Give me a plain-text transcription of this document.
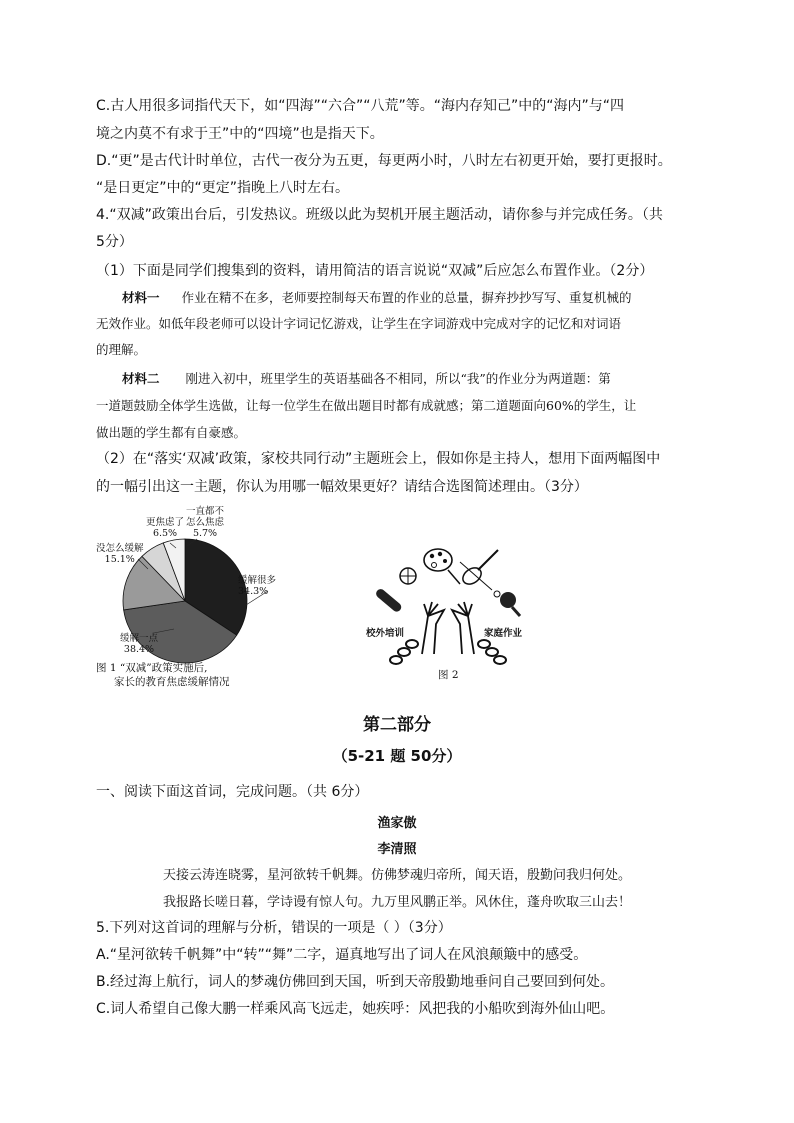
C.古人用很多词指代天下，如“四海”“六合”“八荒”等。“海内存知己”中的“海内”与“四
境之内莫不有求于王”中的“四境”也是指天下。
D.“更”是古代计时单位，古代一夜分为五更，每更两小时，八时左右初更开始，要打更报时。
“是日更定”中的“更定”指晚上八时左右。
4.“双减”政策出台后，引发热议。班级以此为契机开展主题活动，请你参与并完成任务。（共
5分）
（1）下面是同学们搜集到的资料，请用简洁的语言说说“双减”后应怎么布置作业。（2分）
材料一 作业在精不在多，老师要控制每天布置的作业的总量，摒弃抄抄写写、重复机械的
无效作业。如低年段老师可以设计字词记忆游戏，让学生在字词游戏中完成对字的记忆和对词语
的理解。
材料二 刚进入初中，班里学生的英语基础各不相同，所以“我”的作业分为两道题：第
一道题鼓励全体学生选做，让每一位学生在做出题目时都有成就感；第二道题面向60%的学生，让
做出题的学生都有自豪感。
（2）在“落实‘双减’政策，家校共同行动”主题班会上，假如你是主持人，想用下面两幅图中
的一幅引出这一主题，你认为用哪一幅效果更好？请结合选图简述理由。（3分）
缓解很多
34.3%
缓解一点
38.4%
没怎么缓解
15.1%
更焦虑了
6.5%
一直都不
怎么焦虑
5.7%
图 1 “双减”政策实施后,
家长的教育焦虑缓解情况
校外培训	家庭作业
图 2
第二部分
（5-21 题 50分）
一、阅读下面这首词，完成问题。（共 6分）
渔家傲
李清照
天接云涛连晓雾，星河欲转千帆舞。仿佛梦魂归帝所，闻天语，殷勤问我归何处。
我报路长嗟日暮，学诗谩有惊人句。九万里风鹏正举。风休住，蓬舟吹取三山去！
5.下列对这首词的理解与分析，错误的一项是（ ）（3分）
A.“星河欲转千帆舞”中“转”“舞”二字，逼真地写出了词人在风浪颠簸中的感受。
B.经过海上航行，词人的梦魂仿佛回到天国，听到天帝殷勤地垂问自己要回到何处。
C.词人希望自己像大鹏一样乘风高飞远走，她疾呼：风把我的小船吹到海外仙山吧。
